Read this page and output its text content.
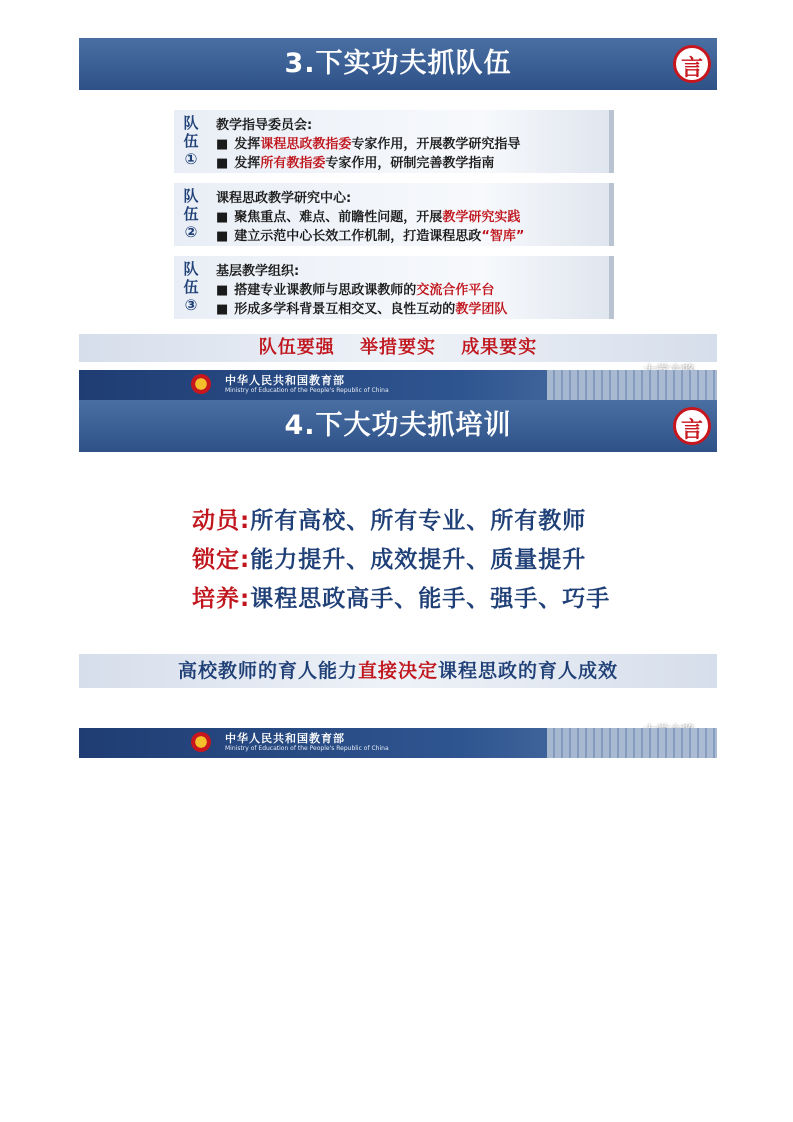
3.下实功夫抓队伍	言
队
伍
①
教学指导委员会:
■ 发挥课程思政教指委专家作用，开展教学研究指导
■ 发挥所有教指委专家作用，研制完善教学指南
队
伍
②
课程思政教学研究中心:
■ 聚焦重点、难点、前瞻性问题，开展教学研究实践
■ 建立示范中心长效工作机制，打造课程思政“智库”
队
伍
③
基层教学组织:
■ 搭建专业课教师与思政课教师的交流合作平台
■ 形成多学科背景互相交叉、良性互动的教学团队
队伍要强 举措要实 成果要实
中华人民共和国教育部
Ministry of Education of the People's Republic of China
4.下大功夫抓培训	言
动员:所有高校、所有专业、所有教师
锁定:能力提升、成效提升、质量提升
培养:课程思政高手、能手、强手、巧手
高校教师的育人能力直接决定课程思政的育人成效
中华人民共和国教育部
Ministry of Education of the People's Republic of China
